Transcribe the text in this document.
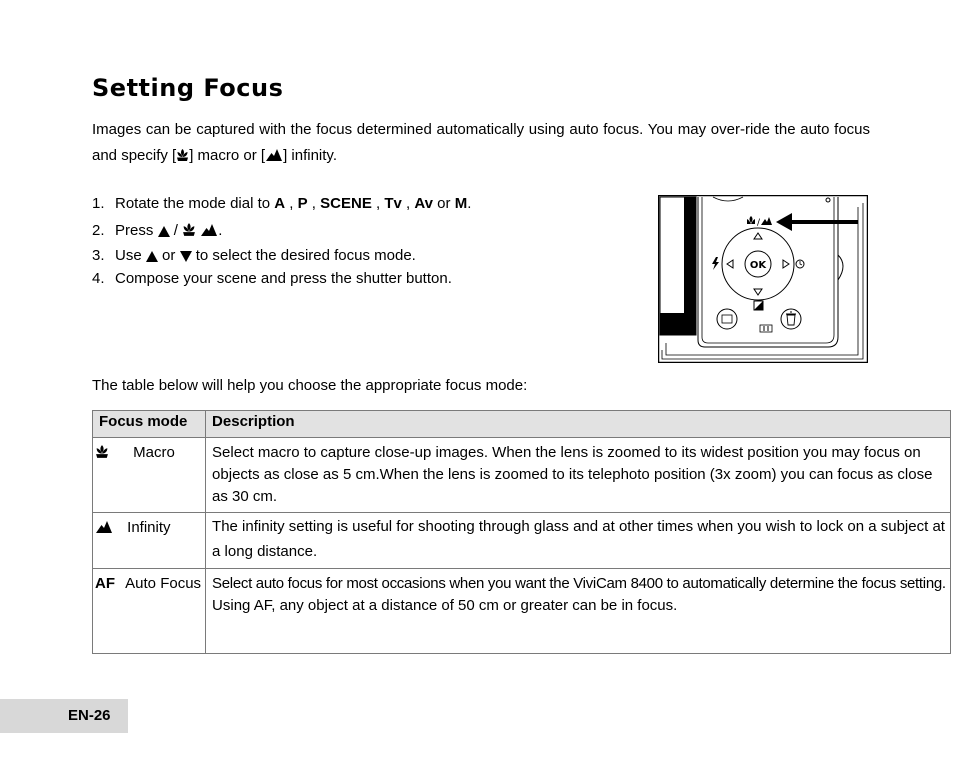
Setting Focus

Images can be captured with the focus determined automatically using auto focus. You may over-ride the auto focus and specify [ ] macro or [ ] infinity.

1. Rotate the mode dial to A , P , SCENE , Tv , Av or M.
2. Press /	.
3. Use or to select the desired focus mode.
4. Compose your scene and press the shutter button.
OK
/

The table below will help you choose the appropriate focus mode:

Focus mode	Description
Macro	Select macro to capture close-up images. When the lens is zoomed to its widest position you may focus on objects as close as 5 cm.When the lens is zoomed to its telephoto position (3x zoom) you can focus as close as 30 cm.
Infinity	The infinity setting is useful for shooting through glass and at other times when you wish to lock on a subject at a long distance.
AF Auto Focus	Select auto focus for most occasions when you want the ViviCam 8400 to automatically determine the focus setting.
Using AF, any object at a distance of 50 cm or greater can be in focus.
EN-26
